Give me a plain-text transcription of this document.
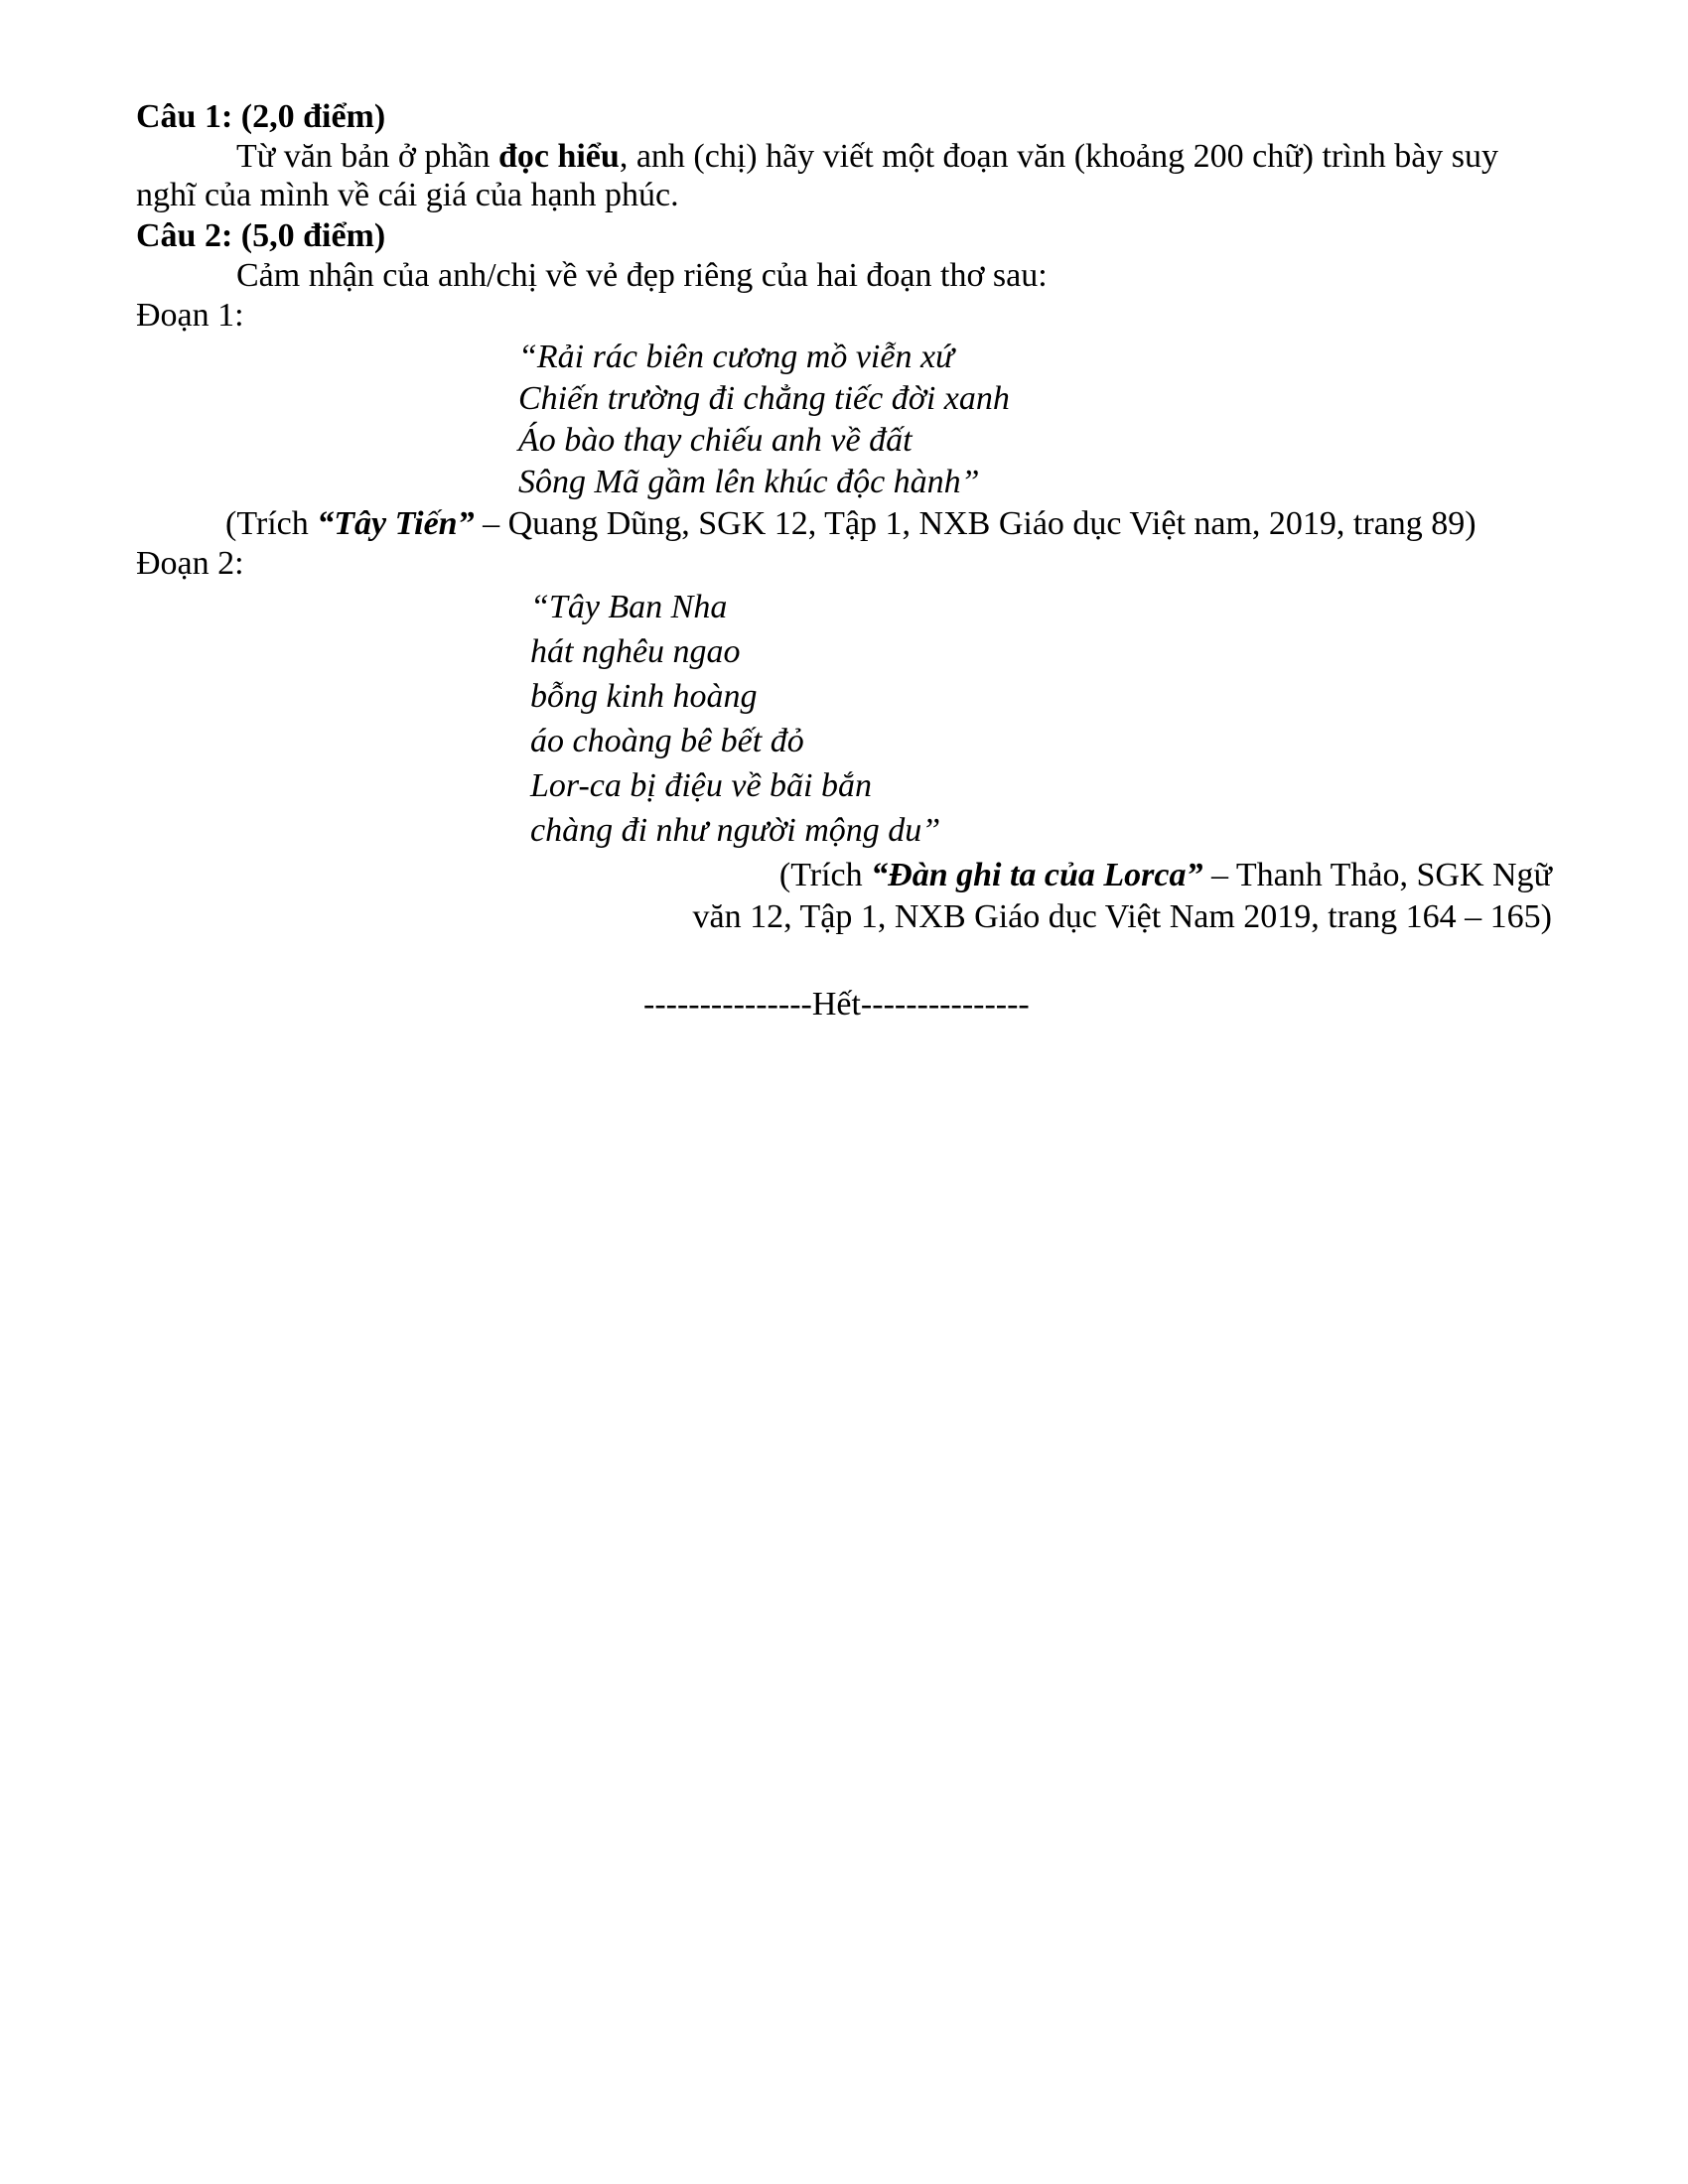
Câu 1: (2,0 điểm)
Từ văn bản ở phần đọc hiểu, anh (chị) hãy viết một đoạn văn (khoảng 200 chữ) trình bày suy
nghĩ của mình về cái giá của hạnh phúc.
Câu 2: (5,0 điểm)
Cảm nhận của anh/chị về vẻ đẹp riêng của hai đoạn thơ sau:
Đoạn 1:
“Rải rác biên cương mồ viễn xứ
Chiến trường đi chẳng tiếc đời xanh
Áo bào thay chiếu anh về đất
Sông Mã gầm lên khúc độc hành”
(Trích “Tây Tiến” – Quang Dũng, SGK 12, Tập 1, NXB Giáo dục Việt nam, 2019, trang 89)
Đoạn 2:
“Tây Ban Nha
hát nghêu ngao
bỗng kinh hoàng
áo choàng bê bết đỏ
Lor-ca bị điệu về bãi bắn
chàng đi như người mộng du”
(Trích “Đàn ghi ta của Lorca” – Thanh Thảo, SGK Ngữ
văn 12, Tập 1, NXB Giáo dục Việt Nam 2019, trang 164 – 165)
---------------Hết---------------
